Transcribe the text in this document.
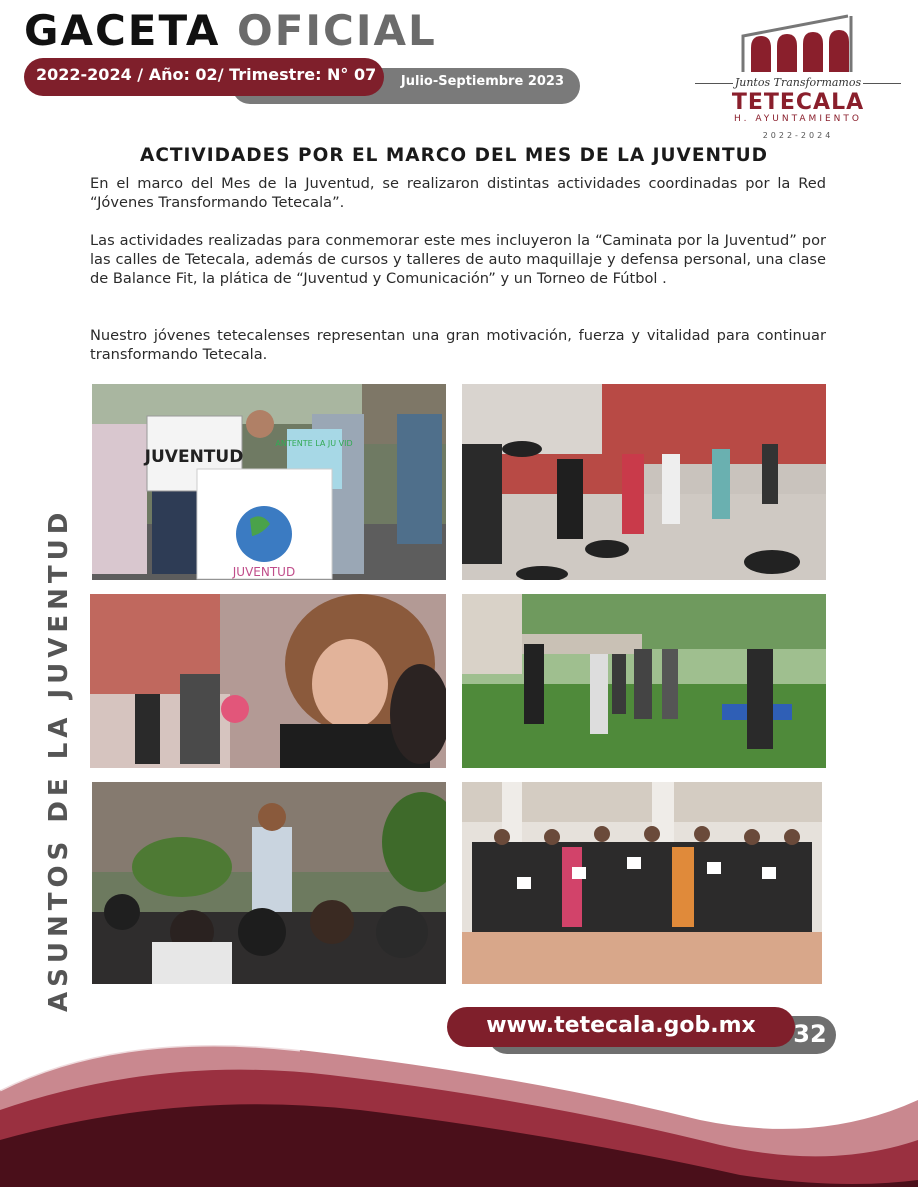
GACETA OFICIAL
Julio-Septiembre 2023
2022-2024 / Año: 02/ Trimestre: N° 07	Juntos Transformamos
TETECALA
H. AYUNTAMIENTO
2022-2024
ACTIVIDADES POR EL MARCO DEL MES DE LA JUVENTUD

En el marco del Mes de la Juventud, se realizaron distintas actividades coordinadas por la Red “Jóvenes Transformando Tetecala”.

Las actividades realizadas para conmemorar este mes incluyeron la “Caminata por la Juventud” por las calles de Tetecala, además de cursos y talleres de auto maquillaje y defensa personal, una clase de Balance Fit, la plática de “Juventud y Comunicación” y un Torneo de Fútbol .

Nuestro jóvenes tetecalenses representan una gran motivación, fuerza y vitalidad para continuar transformando Tetecala.

ASUNTOS DE LA JUVENTUD
JUVENTUD
ANTENTE LA JU VID
JUVENTUD
www.tetecala.gob.mx	32
